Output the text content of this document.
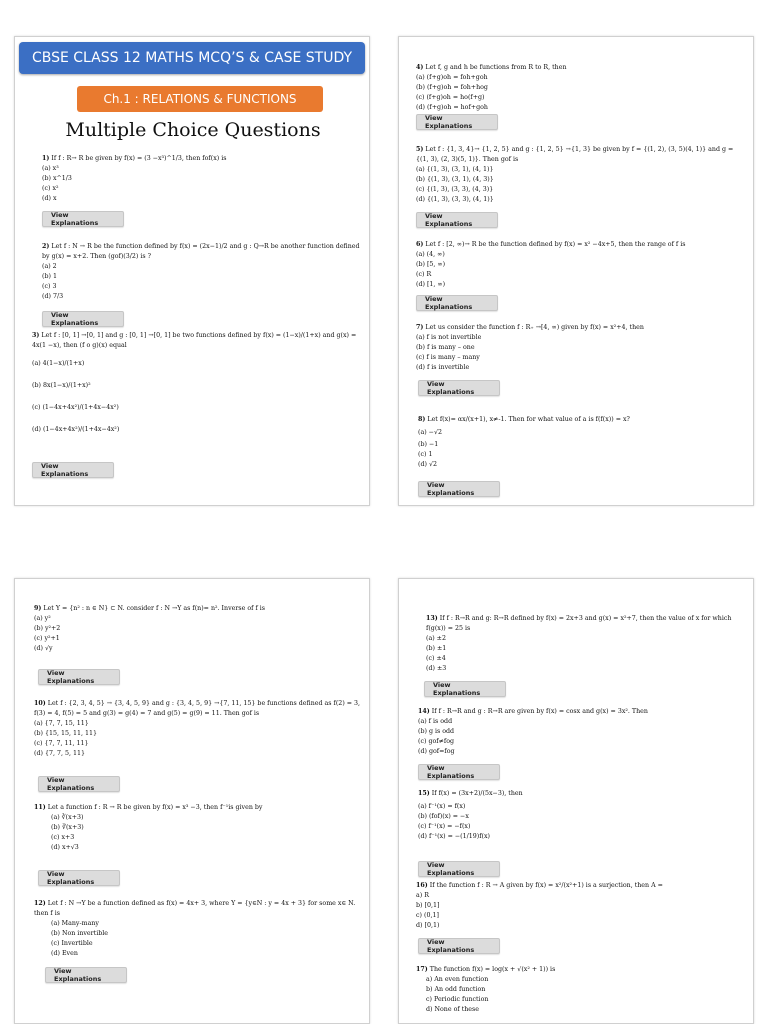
CBSE CLASS 12 MATHS MCQ’S & CASE STUDY
Ch.1 : RELATIONS & FUNCTIONS
Multiple Choice Questions
1) If f : R→ R be given by f(x) = (3 −x³)^1/3, then fof(x) is
(a) x³
(b) x^1/3
(c) x²
(d) x
View Explanations
2) Let f : N → R be the function defined by f(x) = (2x−1)/2 and g : Q→R be another function defined by g(x) = x+2. Then (gof)(3/2) is ?
(a) 2
(b) 1
(c) 3
(d) 7/3
View Explanations
3) Let f : [0, 1] →[0, 1] and g : [0, 1] →[0, 1] be two functions defined by f(x) = (1−x)/(1+x) and g(x) = 4x(1 −x), then (f o g)(x) equal
(a) 4(1−x)/(1+x)
(b) 8x(1−x)/(1+x)²
(c) (1−4x+4x²)/(1+4x−4x²)
(d) (1−4x+4x²)/(1+4x−4x²)
View Explanations
4) Let f, g and h be functions from R to R, then
(a) (f+g)oh = foh+goh
(b) (f+g)oh = foh+hog
(c) (f+g)oh = ho(f+g)
(d) (f+g)oh = hof+goh
View Explanations
5) Let f : {1, 3, 4}→ {1, 2, 5} and g : {1, 2, 5} →{1, 3} be given by f = {(1, 2), (3, 5)(4, 1)} and g = {(1, 3), (2, 3)(5, 1)}. Then gof is
(a) {(1, 3), (3, 1), (4, 1)}
(b) {(1, 3), (3, 1), (4, 3)}
(c) {(1, 3), (3, 3), (4, 3)}
(d) {(1, 3), (3, 3), (4, 1)}
View Explanations
6) Let f : [2, ∞)→ R be the function defined by f(x) = x² −4x+5, then the range of f is
(a) (4, ∞)
(b) [5, ∞)
(c) R
(d) [1, ∞)
View Explanations
7) Let us consider the function f : R₊ →[4, ∞) given by f(x) = x²+4, then
(a) f is not invertible
(b) f is many – one
(c) f is many – many
(d) f is invertible
View Explanations
8) Let f(x)= αx/(x+1), x≠-1. Then for what value of a is f(f(x)) = x?
(a) −√2
(b) −1
(c) 1
(d) √2
View Explanations
9) Let Y = {n² : n ∈ N} ⊂ N. consider f : N →Y as f(n)= n². Inverse of f is
(a) y²
(b) y²+2
(c) y²+1
(d) √y
View Explanations
10) Let f : {2, 3, 4, 5} → {3, 4, 5, 9} and g : {3, 4, 5, 9} →{7, 11, 15} be functions defined as f(2) = 3, f(3) = 4, f(5) = 5 and g(3) = g(4) = 7 and g(5) = g(9) = 11. Then gof is
(a) {7, 7, 15, 11}
(b) {15, 15, 11, 11}
(c) {7, 7, 11, 11}
(d) {7, 7, 5, 11}
View Explanations
11) Let a function f : R → R be given by f(x) = x³ −3, then f⁻¹is given by
(a) ∛(x+3)
(b) ∛(x+3)
(c) x+3
(d) x+√3
View Explanations
12) Let f : N →Y be a function defined as f(x) = 4x+ 3, where Y = {y∈N : y = 4x + 3} for some x∈ N. then f is
(a) Many-many
(b) Non invertible
(c) Invertible
(d) Even
View Explanations
13) If f : R→R and g: R→R defined by f(x) = 2x+3 and g(x) = x²+7, then the value of x for which f(g(x)) = 25 is
(a) ±2
(b) ±1
(c) ±4
(d) ±3
View Explanations
14) If f : R→R and g : R→R are given by f(x) = cosx and g(x) = 3x². Then
(a) f is odd
(b) g is odd
(c) gof≠fog
(d) gof=fog
View Explanations
15) If f(x) = (3x+2)/(5x−3), then
(a) f⁻¹(x) = f(x)
(b) (fof)(x) = −x
(c) f⁻¹(x) = −f(x)
(d) f⁻¹(x) = −(1/19)f(x)
View Explanations
16) If the function f : R → A given by f(x) = x²/(x²+1) is a surjection, then A =
a) R
b) [0,1]
c) (0,1]
d) [0,1)
View Explanations
17) The function f(x) = log(x + √(x² + 1)) is
a) An even function
b) An odd function
c) Periodic function
d) None of these
